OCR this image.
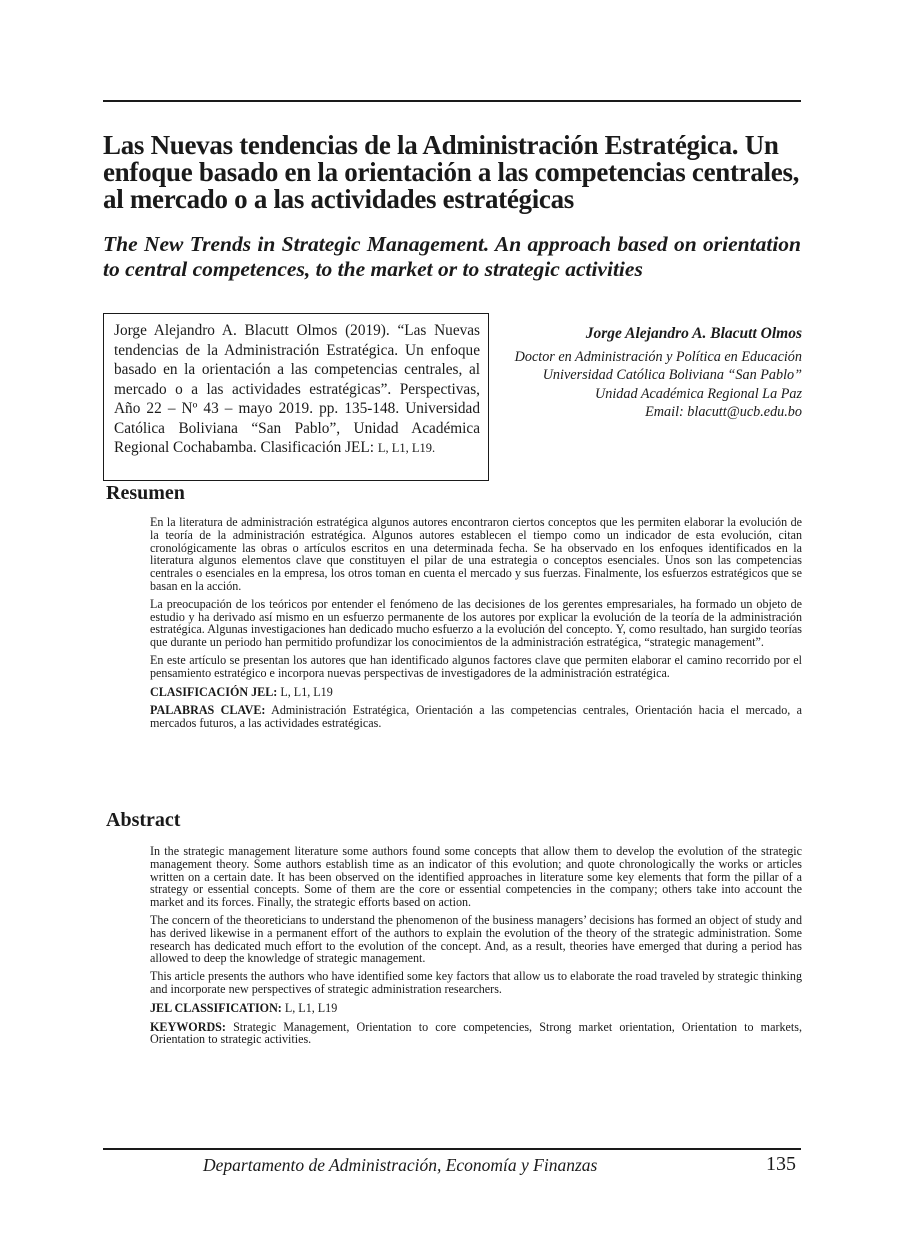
Las Nuevas tendencias de la Administración Estratégica. Un enfoque basado en la orientación a las competencias centrales, al mercado o a las actividades estratégicas
The New Trends in Strategic Management. An approach based on orientation to central competences, to the market or to strategic activities
Jorge Alejandro A. Blacutt Olmos (2019). “Las Nuevas tendencias de la Administración Estratégica. Un enfoque basado en la orientación a las competencias centrales, al mercado o a las actividades estratégicas”. Perspectivas, Año 22 – Nº 43 – mayo 2019. pp. 135-148. Universidad Católica Boliviana “San Pablo”, Unidad Académica Regional Cochabamba. Clasificación JEL: L, L1, L19.
Jorge Alejandro A. Blacutt Olmos
Doctor en Administración y Política en Educación
Universidad Católica Boliviana “San Pablo”
Unidad Académica Regional La Paz
Email: blacutt@ucb.edu.bo
Resumen

En la literatura de administración estratégica algunos autores encontraron ciertos conceptos que les permiten elaborar la evolución de la teoría de la administración estratégica. Algunos autores establecen el tiempo como un indicador de esta evolución, citan cronológicamente las obras o artículos escritos en una determinada fecha. Se ha observado en los enfoques identificados en la literatura algunos elementos clave que constituyen el pilar de una estrategia o conceptos esenciales. Unos son las competencias centrales o esenciales en la empresa, los otros toman en cuenta el mercado y sus fuerzas. Finalmente, los esfuerzos estratégicos que se basan en la acción.

La preocupación de los teóricos por entender el fenómeno de las decisiones de los gerentes empresariales, ha formado un objeto de estudio y ha derivado así mismo en un esfuerzo permanente de los autores por explicar la evolución de la teoría de la administración estratégica. Algunas investigaciones han dedicado mucho esfuerzo a la evolución del concepto. Y, como resultado, han surgido teorías que durante un periodo han permitido profundizar los conocimientos de la administración estratégica, “strategic management”.

En este artículo se presentan los autores que han identificado algunos factores clave que permiten elaborar el camino recorrido por el pensamiento estratégico e incorpora nuevas perspectivas de investigadores de la administración estratégica.

CLASIFICACIÓN JEL: L, L1, L19

PALABRAS CLAVE: Administración Estratégica, Orientación a las competencias centrales, Orientación hacia el mercado, a mercados futuros, a las actividades estratégicas.

Abstract

In the strategic management literature some authors found some concepts that allow them to develop the evolution of the strategic management theory. Some authors establish time as an indicator of this evolution; and quote chronologically the works or articles written on a certain date. It has been observed on the identified approaches in literature some key elements that form the pillar of a strategy or essential concepts. Some of them are the core or essential competencies in the company; others take into account the market and its forces. Finally, the strategic efforts based on action.

The concern of the theoreticians to understand the phenomenon of the business managers’ decisions has formed an object of study and has derived likewise in a permanent effort of the authors to explain the evolution of the theory of the strategic administration. Some research has dedicated much effort to the evolution of the concept. And, as a result, theories have emerged that during a period has allowed to deep the knowledge of strategic management.

This article presents the authors who have identified some key factors that allow us to elaborate the road traveled by strategic thinking and incorporate new perspectives of strategic administration researchers.

JEL CLASSIFICATION: L, L1, L19

KEYWORDS: Strategic Management, Orientation to core competencies, Strong market orientation, Orientation to markets, Orientation to strategic activities.

Departamento de Administración, Economía y Finanzas	135
